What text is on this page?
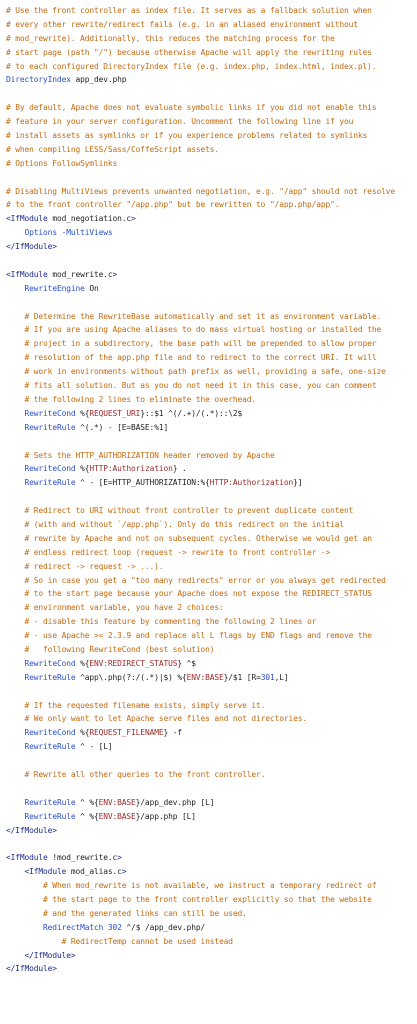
# Use the front controller as index file. It serves as a fallback solution when
# every other rewrite/redirect fails (e.g. in an aliased environment without
# mod_rewrite). Additionally, this reduces the matching process for the
# start page (path "/") because otherwise Apache will apply the rewriting rules
# to each configured DirectoryIndex file (e.g. index.php, index.html, index.pl).
DirectoryIndex app_dev.php

# By default, Apache does not evaluate symbolic links if you did not enable this
# feature in your server configuration. Uncomment the following line if you
# install assets as symlinks or if you experience problems related to symlinks
# when compiling LESS/Sass/CoffeScript assets.
# Options FollowSymlinks

# Disabling MultiViews prevents unwanted negotiation, e.g. "/app" should not resolve
# to the front controller "/app.php" but be rewritten to "/app.php/app".
<IfModule mod_negotiation.c>
Options -MultiViews
</IfModule>

<IfModule mod_rewrite.c>
RewriteEngine On

# Determine the RewriteBase automatically and set it as environment variable.
# If you are using Apache aliases to do mass virtual hosting or installed the
# project in a subdirectory, the base path will be prepended to allow proper
# resolution of the app.php file and to redirect to the correct URI. It will
# work in environments without path prefix as well, providing a safe, one-size
# fits all solution. But as you do not need it in this case, you can comment
# the following 2 lines to eliminate the overhead.
RewriteCond %{REQUEST_URI}::$1 ^(/.+)/(.*)::\2$
RewriteRule ^(.*) - [E=BASE:%1]

# Sets the HTTP_AUTHORIZATION header removed by Apache
RewriteCond %{HTTP:Authorization} .
RewriteRule ^ - [E=HTTP_AUTHORIZATION:%{HTTP:Authorization}]

# Redirect to URI without front controller to prevent duplicate content
# (with and without `/app.php`). Only do this redirect on the initial
# rewrite by Apache and not on subsequent cycles. Otherwise we would get an
# endless redirect loop (request -> rewrite to front controller ->
# redirect -> request -> ...).
# So in case you get a "too many redirects" error or you always get redirected
# to the start page because your Apache does not expose the REDIRECT_STATUS
# environment variable, you have 2 choices:
# - disable this feature by commenting the following 2 lines or
# - use Apache >= 2.3.9 and replace all L flags by END flags and remove the
#   following RewriteCond (best solution)
RewriteCond %{ENV:REDIRECT_STATUS} ^$
RewriteRule ^app\.php(?:/(.*)|$) %{ENV:BASE}/$1 [R=301,L]

# If the requested filename exists, simply serve it.
# We only want to let Apache serve files and not directories.
RewriteCond %{REQUEST_FILENAME} -f
RewriteRule ^ - [L]

# Rewrite all other queries to the front controller.

RewriteRule ^ %{ENV:BASE}/app_dev.php [L]
RewriteRule ^ %{ENV:BASE}/app.php [L]
</IfModule>

<IfModule !mod_rewrite.c>
<IfModule mod_alias.c>
# When mod_rewrite is not available, we instruct a temporary redirect of
# the start page to the front controller explicitly so that the website
# and the generated links can still be used.
RedirectMatch 302 ^/$ /app_dev.php/
# RedirectTemp cannot be used instead
</IfModule>
</IfModule>
